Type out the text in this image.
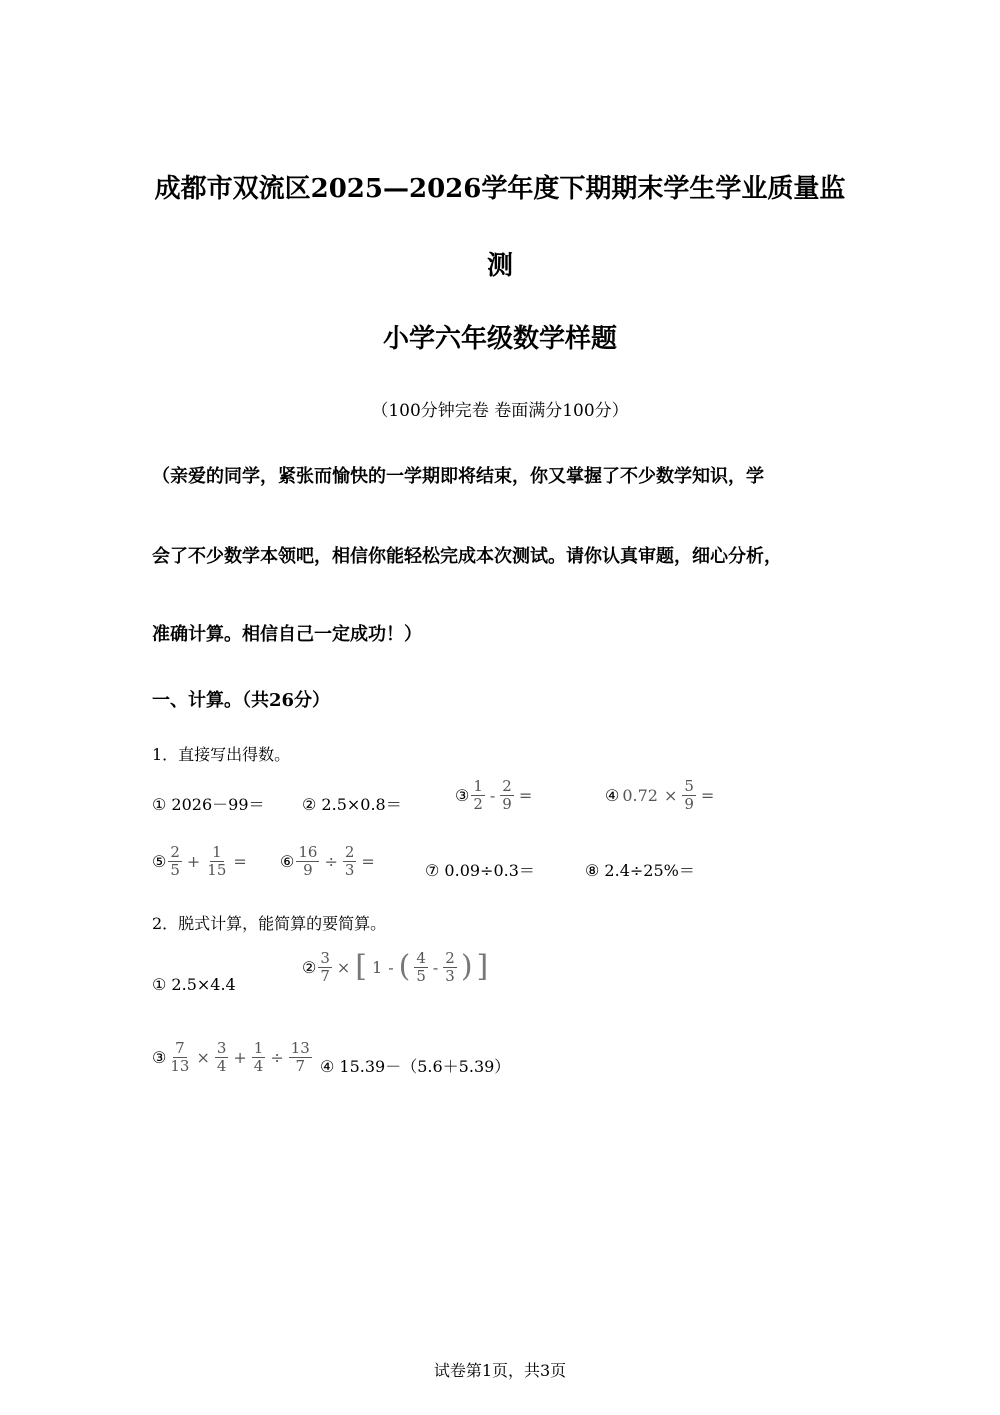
成都市双流区2025—2026学年度下期期末学生学业质量监
测
小学六年级数学样题
（100分钟完卷 卷面满分100分）
（亲爱的同学，紧张而愉快的一学期即将结束，你又掌握了不少数学知识，学
会了不少数学本领吧，相信你能轻松完成本次测试。请你认真审题，细心分析，
准确计算。相信自己一定成功！）
一、计算。（共26分）
1．直接写出得数。
① 2026－99＝ ② 2.5×0.8＝	③ $\frac{1}{2} - \frac{2}{9}$ =	④ $0.72 \times \frac{5}{9}$ =
⑤ $\frac{2}{5} + \frac{1}{15}$ = ⑥ $\frac{16}{9} \div \frac{2}{3}$ =	⑦ 0.09÷0.3＝	⑧ 2.4÷25%＝
2．脱式计算，能简算的要简算。
① 2.5×4.4
② $\frac{3}{7}$ × [ 1 - ( $\frac{4}{5} - \frac{2}{3}$ ) ]
③ $\frac{7}{13} \times \frac{3}{4} + \frac{1}{4} \div \frac{13}{7}$ ④ 15.39－（5.6＋5.39）
试卷第1页，共3页
